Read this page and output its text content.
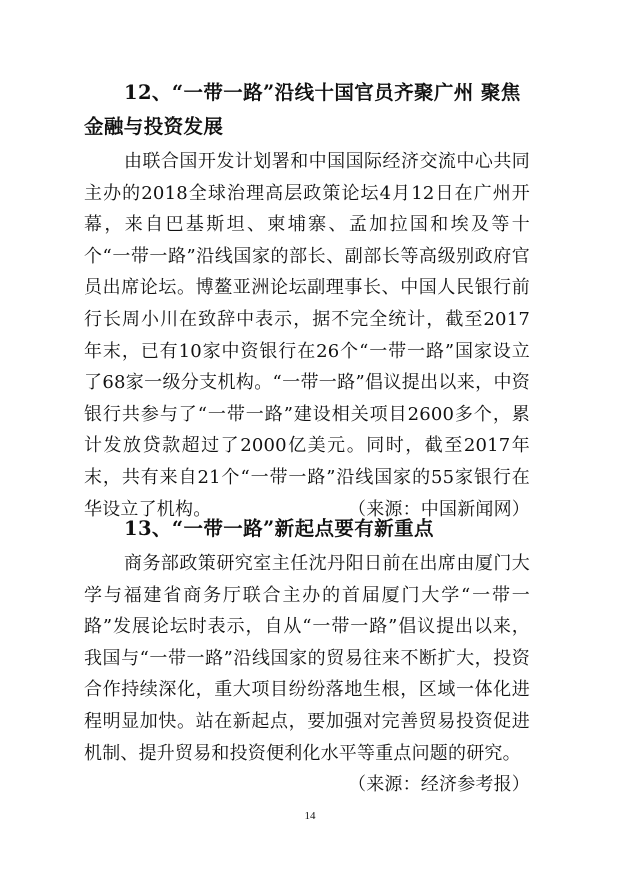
12、“一带一路”沿线十国官员齐聚广州 聚焦金融与投资发展

由联合国开发计划署和中国国际经济交流中心共同主办的2018全球治理高层政策论坛4月12日在广州开幕，来自巴基斯坦、柬埔寨、孟加拉国和埃及等十个“一带一路”沿线国家的部长、副部长等高级别政府官员出席论坛。博鳌亚洲论坛副理事长、中国人民银行前行长周小川在致辞中表示，据不完全统计，截至2017年末，已有10家中资银行在26个“一带一路”国家设立了68家一级分支机构。“一带一路”倡议提出以来，中资银行共参与了“一带一路”建设相关项目2600多个，累计发放贷款超过了2000亿美元。同时，截至2017年末，共有来自21个“一带一路”沿线国家的55家银行在华设立了机构。	（来源：中国新闻网）

13、“一带一路”新起点要有新重点

商务部政策研究室主任沈丹阳日前在出席由厦门大学与福建省商务厅联合主办的首届厦门大学“一带一路”发展论坛时表示，自从“一带一路”倡议提出以来，我国与“一带一路”沿线国家的贸易往来不断扩大，投资合作持续深化，重大项目纷纷落地生根，区域一体化进程明显加快。站在新起点，要加强对完善贸易投资促进机制、提升贸易和投资便利化水平等重点问题的研究。
（来源：经济参考报）

14
